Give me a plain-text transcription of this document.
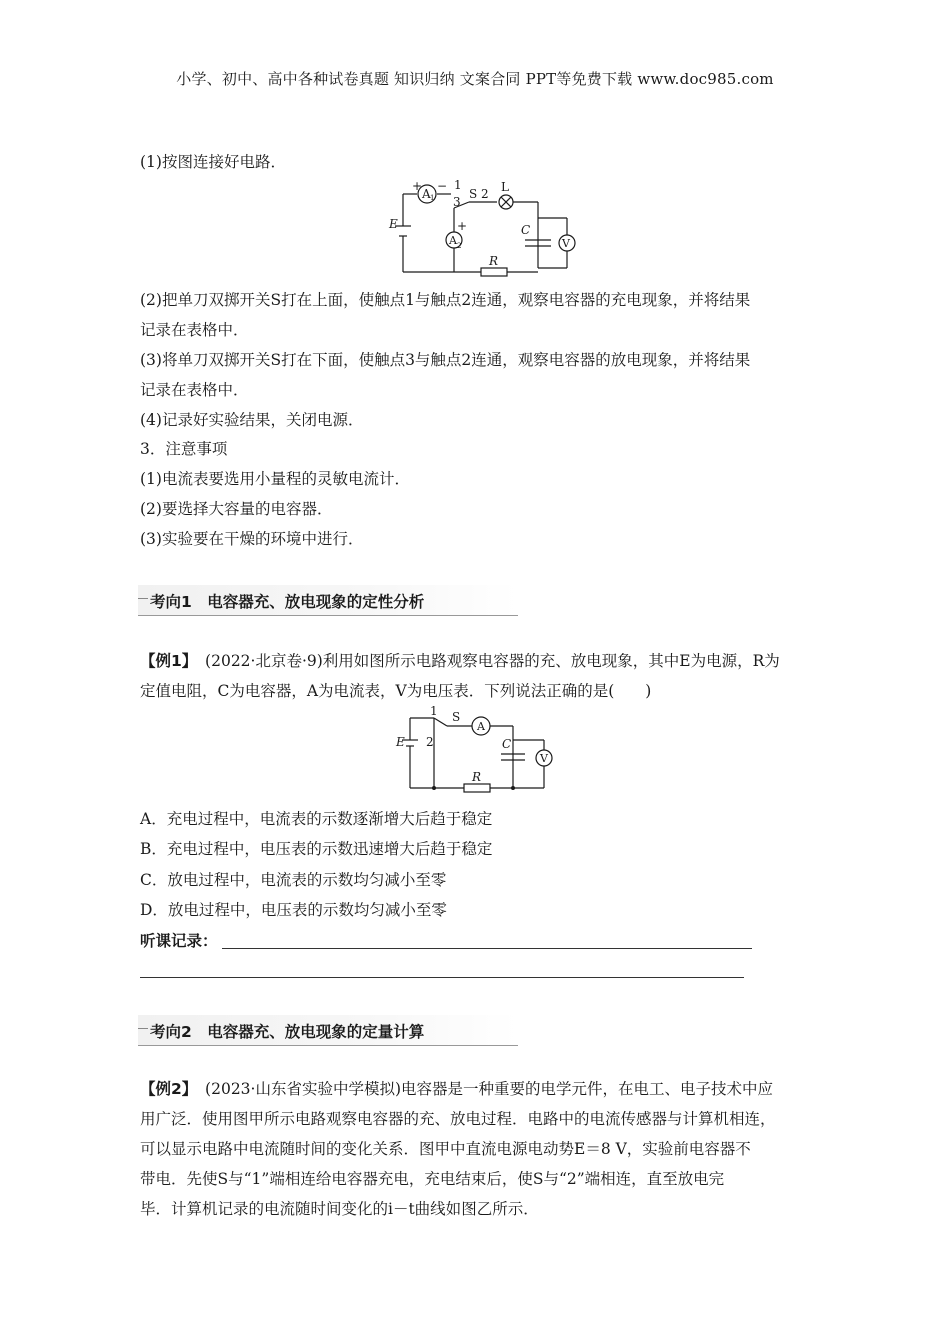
小学、初中、高中各种试卷真题 知识归纳 文案合同 PPT等免费下载 www.doc985.com
(1)按图连接好电路．
+
A 1
− 1
3
S 2 L
E	C
V
A 2
+
R
(2)把单刀双掷开关S打在上面，使触点1与触点2连通，观察电容器的充电现象，并将结果
记录在表格中．
(3)将单刀双掷开关S打在下面，使触点3与触点2连通，观察电容器的放电现象，并将结果
记录在表格中．
(4)记录好实验结果，关闭电源．
3．注意事项
(1)电流表要选用小量程的灵敏电流计．
(2)要选择大容量的电容器．
(3)实验要在干燥的环境中进行．
考向1　电容器充、放电现象的定性分析
【例1】　(2022·北京卷·9)利用如图所示电路观察电容器的充、放电现象，其中E为电源，R为
定值电阻，C为电容器，A为电流表，V为电压表．下列说法正确的是(　　)
1 S
A
E 2	C
V
R
A．充电过程中，电流表的示数逐渐增大后趋于稳定
B．充电过程中，电压表的示数迅速增大后趋于稳定
C．放电过程中，电流表的示数均匀减小至零
D．放电过程中，电压表的示数均匀减小至零
听课记录：
考向2　电容器充、放电现象的定量计算
【例2】　(2023·山东省实验中学模拟)电容器是一种重要的电学元件，在电工、电子技术中应
用广泛．使用图甲所示电路观察电容器的充、放电过程．电路中的电流传感器与计算机相连，
可以显示电路中电流随时间的变化关系．图甲中直流电源电动势E＝8 V，实验前电容器不
带电．先使S与“1”端相连给电容器充电，充电结束后，使S与“2”端相连，直至放电完
毕．计算机记录的电流随时间变化的i－t曲线如图乙所示．
